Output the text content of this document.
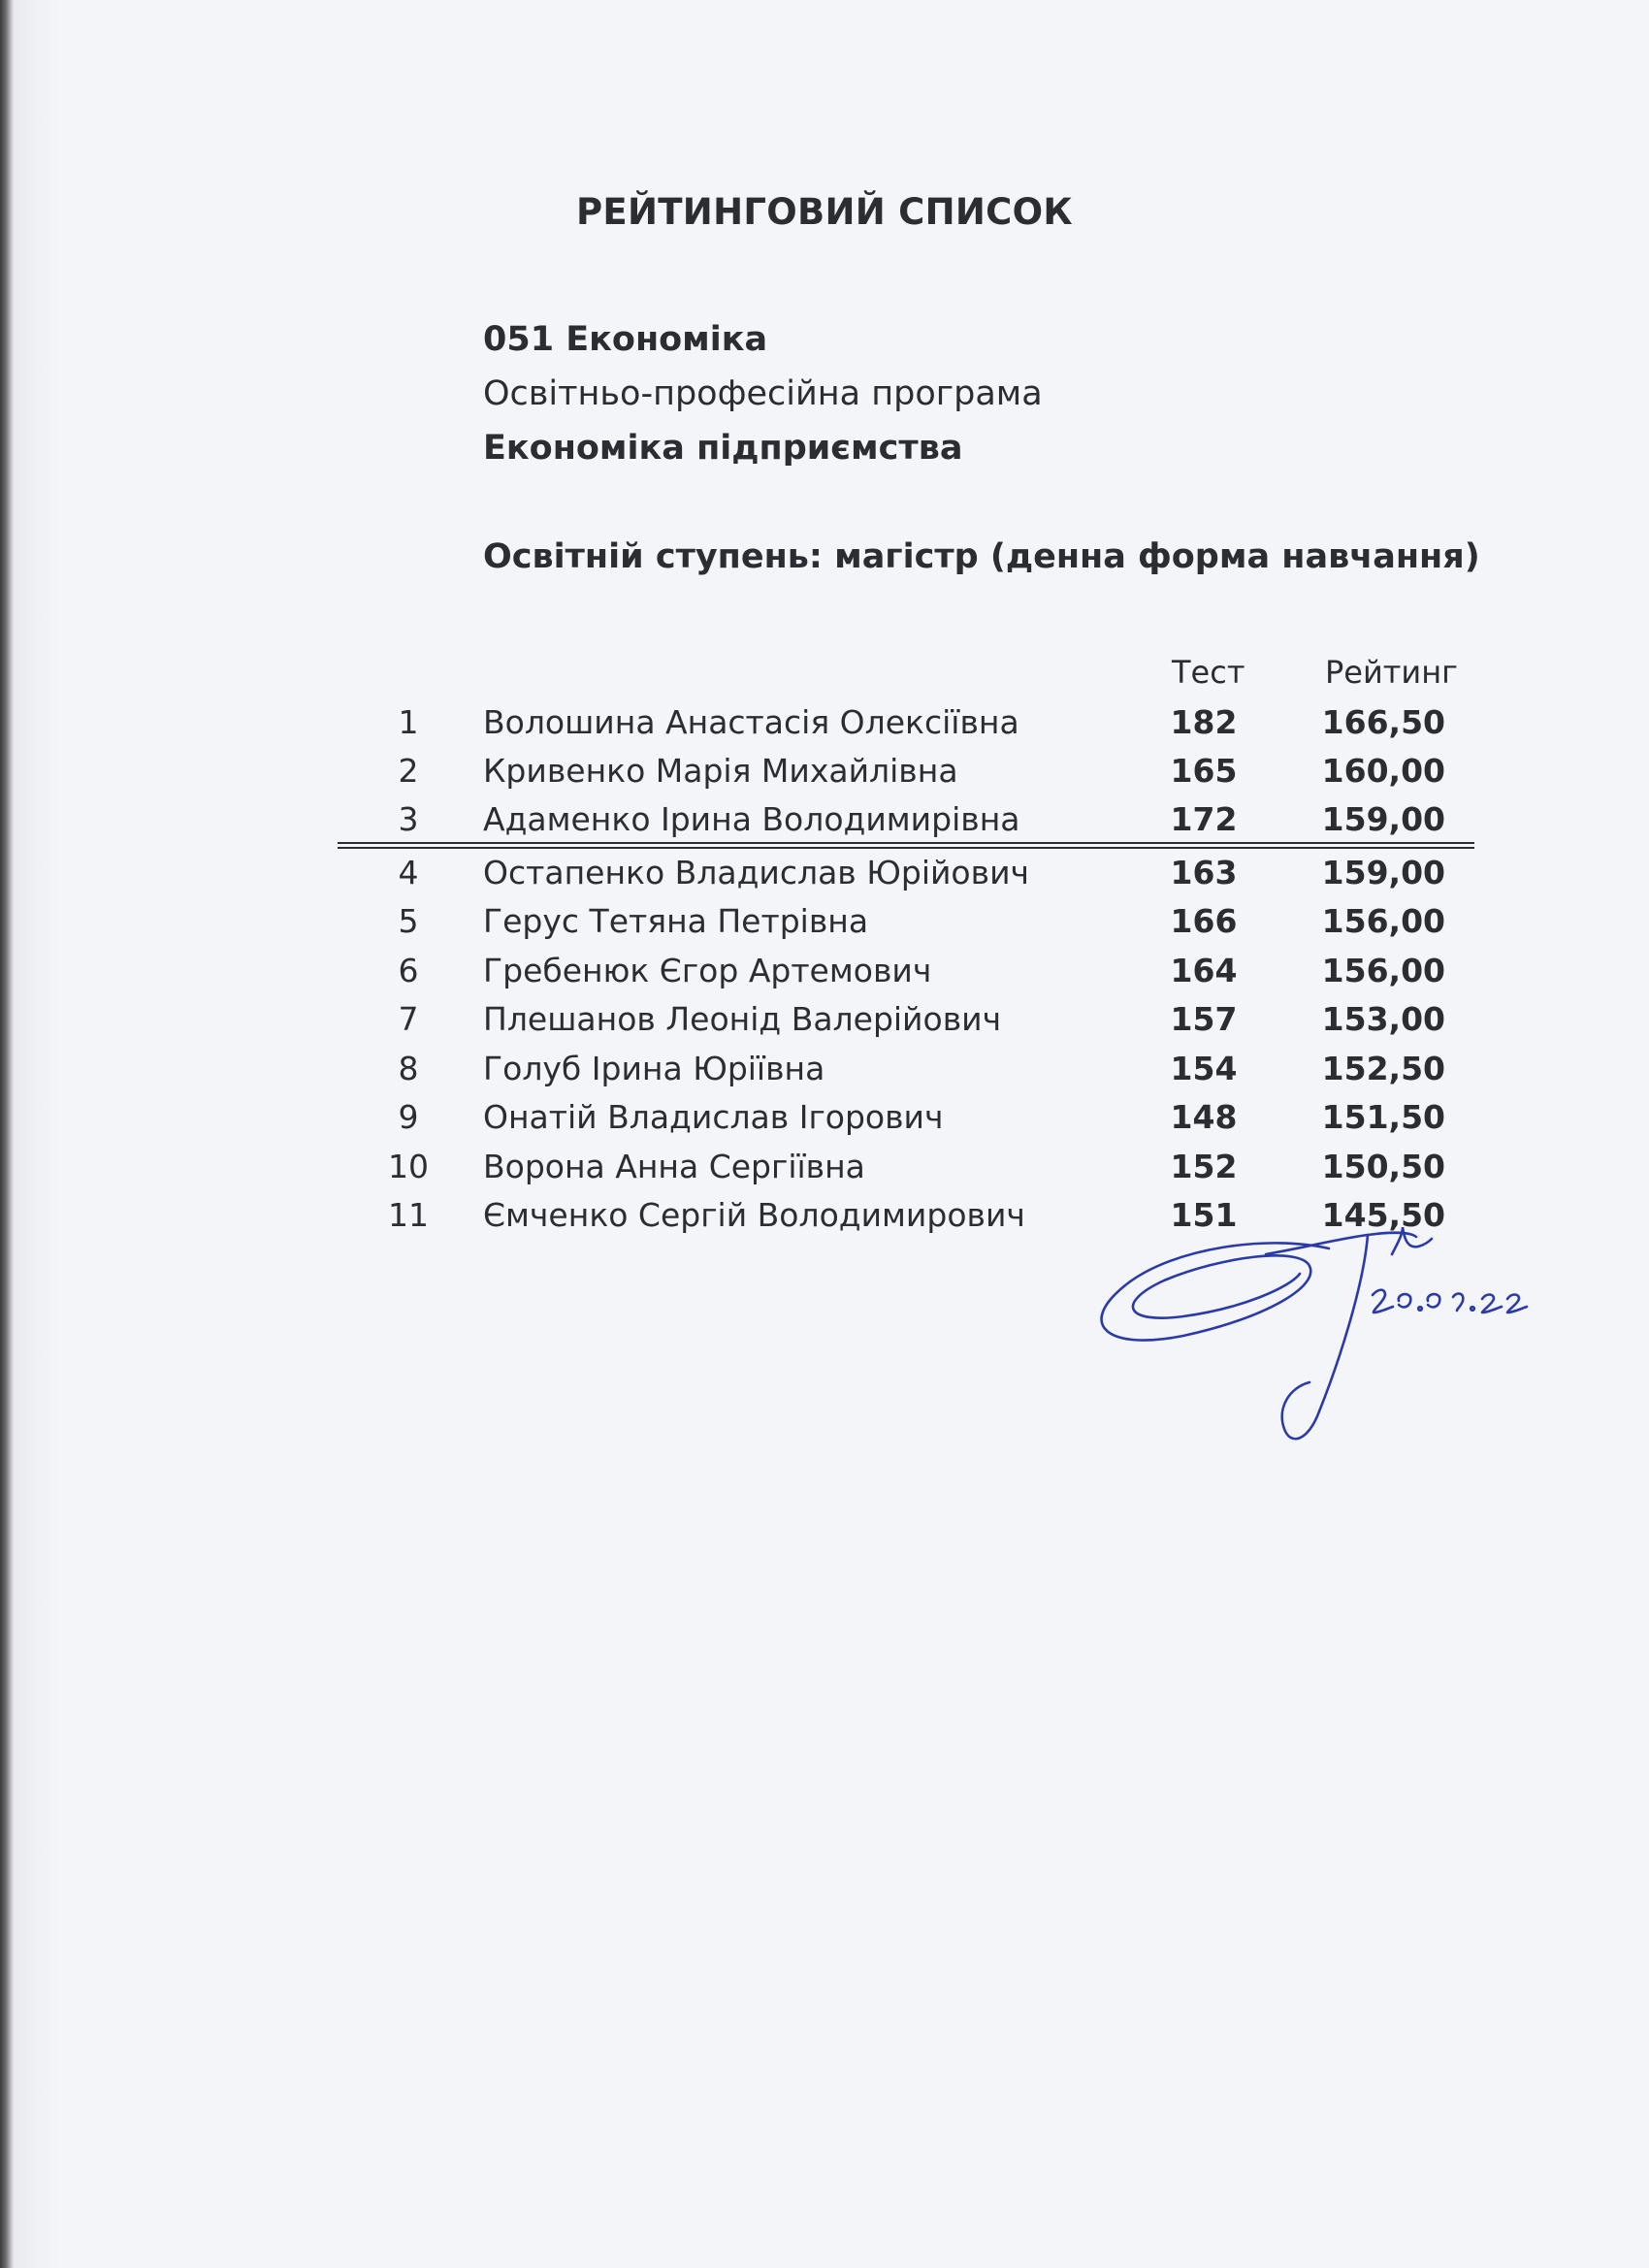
РЕЙТИНГОВИЙ СПИСОК
051 Економіка
Освітньо-професійна програма
Економіка підприємства
Освітній ступень: магістр (денна форма навчання)
Тест	Рейтинг
1	Волошина Анастасія Олексіївна	182	166,50
2	Кривенко Марія Михайлівна	165	160,00
3	Адаменко Ірина Володимирівна	172	159,00
4	Остапенко Владислав Юрійович	163	159,00
5	Герус Тетяна Петрівна	166	156,00
6	Гребенюк Єгор Артемович	164	156,00
7	Плешанов Леонід Валерійович	157	153,00
8	Голуб Ірина Юріївна	154	152,50
9	Онатій Владислав Ігорович	148	151,50
10	Ворона Анна Сергіївна	152	150,50
11	Ємченко Сергій Володимирович	151	145,50
